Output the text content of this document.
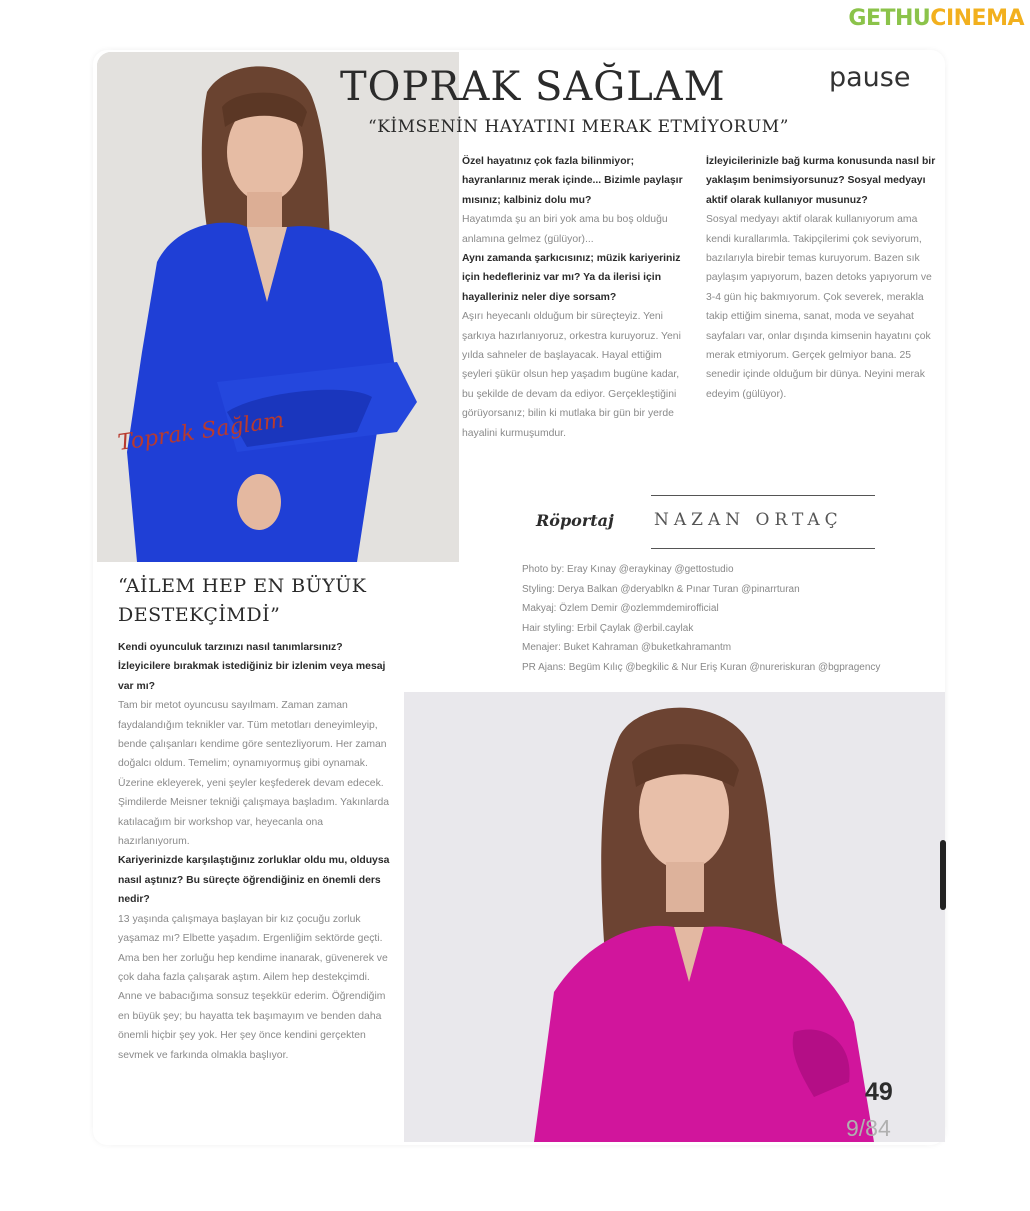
GETHUCINEMA
Toprak Sağlam
TOPRAK SAĞLAM
“KİMSENİN HAYATINI MERAK ETMİYORUM”
pause

Özel hayatınız çok fazla bilinmiyor; hayranlarınız merak içinde... Bizimle paylaşır mısınız; kalbiniz dolu mu?

Hayatımda şu an biri yok ama bu boş olduğu anlamına gelmez (gülüyor)...

Aynı zamanda şarkıcısınız; müzik kariyeriniz için hedefleriniz var mı? Ya da ilerisi için hayalleriniz neler diye sorsam?

Aşırı heyecanlı olduğum bir süreçteyiz. Yeni şarkıya hazırlanıyoruz, orkestra kuruyoruz. Yeni yılda sahneler de başlayacak. Hayal ettiğim şeyleri şükür olsun hep yaşadım bugüne kadar, bu şekilde de devam da ediyor. Gerçekleştiğini görüyorsanız; bilin ki mutlaka bir gün bir yerde hayalini kurmuşumdur.

İzleyicilerinizle bağ kurma konusunda nasıl bir yaklaşım benimsiyorsunuz? Sosyal medyayı aktif olarak kullanıyor musunuz?

Sosyal medyayı aktif olarak kullanıyorum ama kendi kurallarımla. Takipçilerimi çok seviyorum, bazılarıyla birebir temas kuruyorum. Bazen sık paylaşım yapıyorum, bazen detoks yapıyorum ve 3-4 gün hiç bakmıyorum. Çok severek, merakla takip ettiğim sinema, sanat, moda ve seyahat sayfaları var, onlar dışında kimsenin hayatını çok merak etmiyorum. Gerçek gelmiyor bana. 25 senedir içinde olduğum bir dünya. Neyini merak edeyim (gülüyor).

Röportaj NAZAN ORTAÇ
Photo by: Eray Kınay @eraykinay @gettostudio
Styling: Derya Balkan @deryablkn & Pınar Turan @pinarrturan
Makyaj: Özlem Demir @ozlemmdemirofficial
Hair styling: Erbil Çaylak @erbil.caylak
Menajer: Buket Kahraman @buketkahramantm
PR Ajans: Begüm Kılıç @begkilic & Nur Eriş Kuran @nureriskuran @bgpragency
“AİLEM HEP EN BÜYÜK
DESTEKÇİMDİ”

Kendi oyunculuk tarzınızı nasıl tanımlarsınız? İzleyicilere bırakmak istediğiniz bir izlenim veya mesaj var mı?

Tam bir metot oyuncusu sayılmam. Zaman zaman faydalandığım teknikler var. Tüm metotları deneyimleyip, bende çalışanları kendime göre sentezliyorum. Her zaman doğalcı oldum. Temelim; oynamıyormuş gibi oynamak. Üzerine ekleyerek, yeni şeyler keşfederek devam edecek. Şimdilerde Meisner tekniği çalışmaya başladım. Yakınlarda katılacağım bir workshop var, heyecanla ona hazırlanıyorum.

Kariyerinizde karşılaştığınız zorluklar oldu mu, olduysa nasıl aştınız? Bu süreçte öğrendiğiniz en önemli ders nedir?

13 yaşında çalışmaya başlayan bir kız çocuğu zorluk yaşamaz mı? Elbette yaşadım. Ergenliğim sektörde geçti. Ama ben her zorluğu hep kendime inanarak, güvenerek ve çok daha fazla çalışarak aştım. Ailem hep destekçimdi. Anne ve babacığıma sonsuz teşekkür ederim. Öğrendiğim en büyük şey; bu hayatta tek başımayım ve benden daha önemli hiçbir şey yok. Her şey önce kendini gerçekten sevmek ve farkında olmakla başlıyor.

49
9/84
